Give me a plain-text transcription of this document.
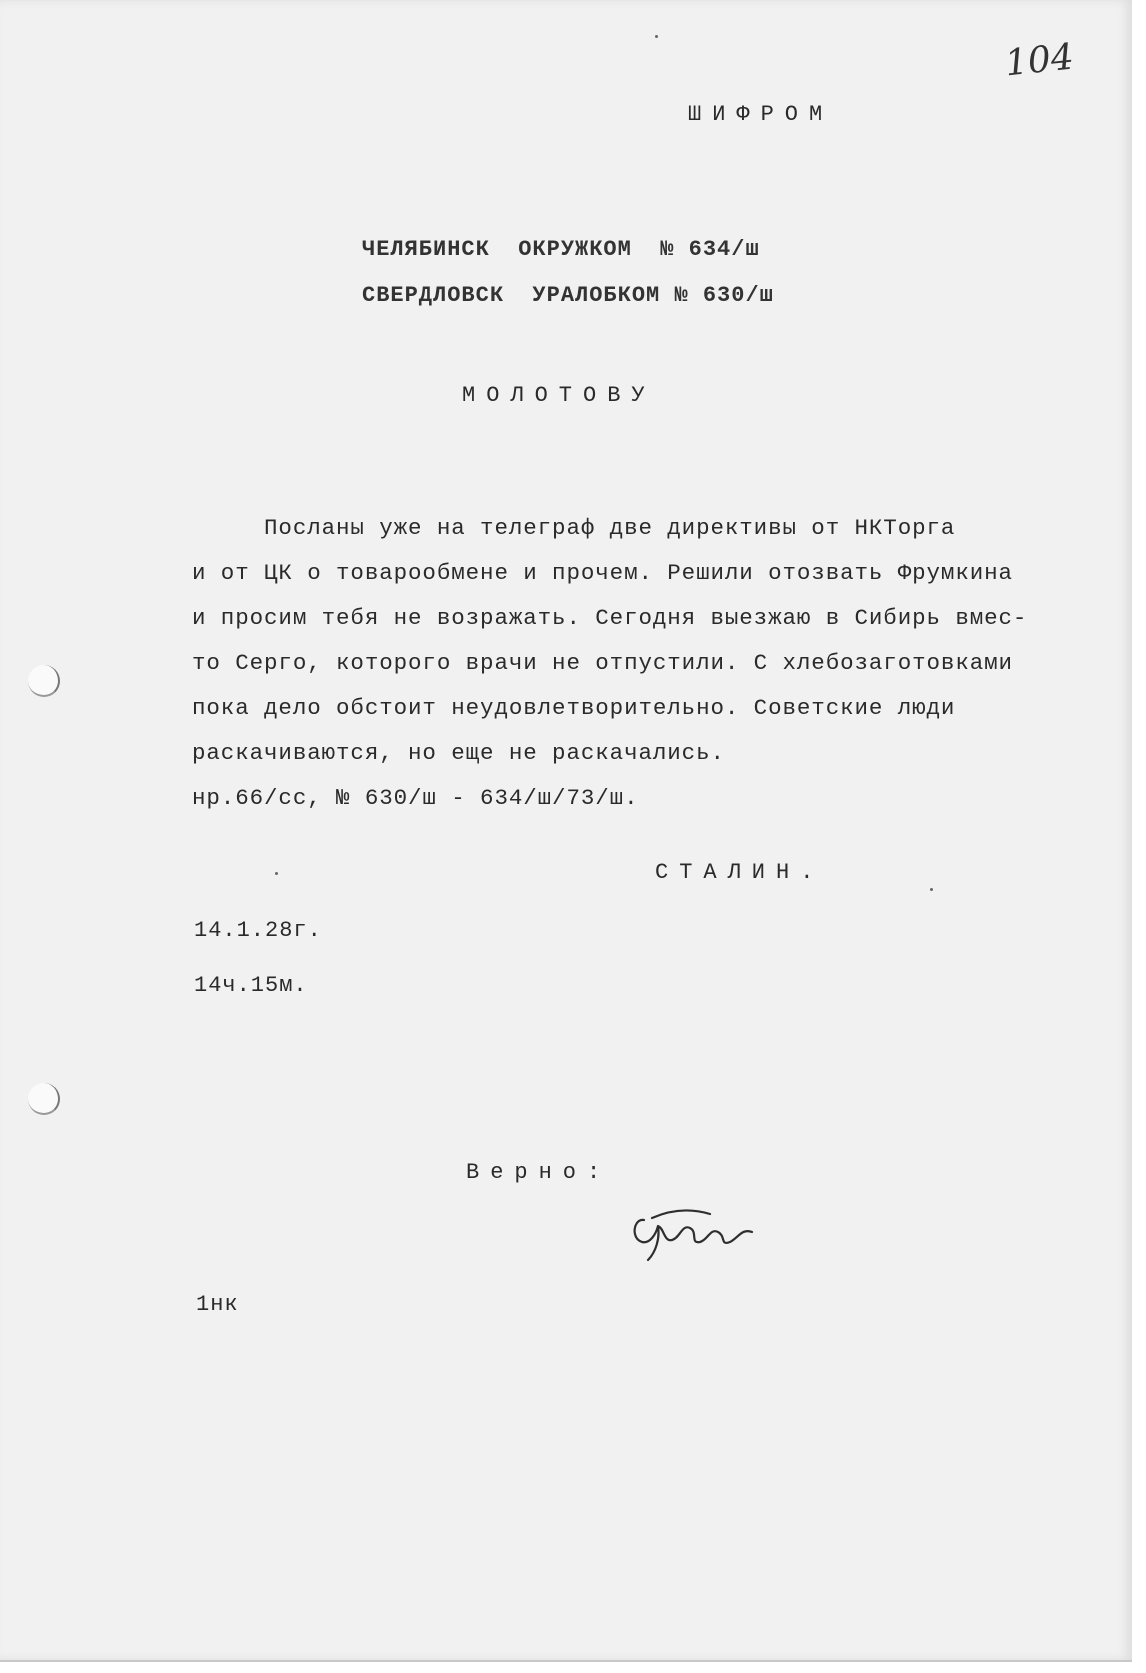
104
ШИФРОМ
ЧЕЛЯБИНСК  ОКРУЖКОМ  № 634/ш
СВЕРДЛОВСК  УРАЛОБКОМ № 630/ш
МОЛОТОВУ
Посланы уже на телеграф две директивы от НКТорга
и от ЦК о товарообмене и прочем. Решили отозвать Фрумкина
и просим тебя не возражать. Сегодня выезжаю в Сибирь вмес-
то Серго, которого врачи не отпустили. С хлебозаготовками
пока дело обстоит неудовлетворительно. Советские люди
раскачиваются, но еще не раскачались.
нр.66/сс, № 630/ш - 634/ш/73/ш.
СТАЛИН.
14.1.28г.
14ч.15м.
Верно:
1нк
